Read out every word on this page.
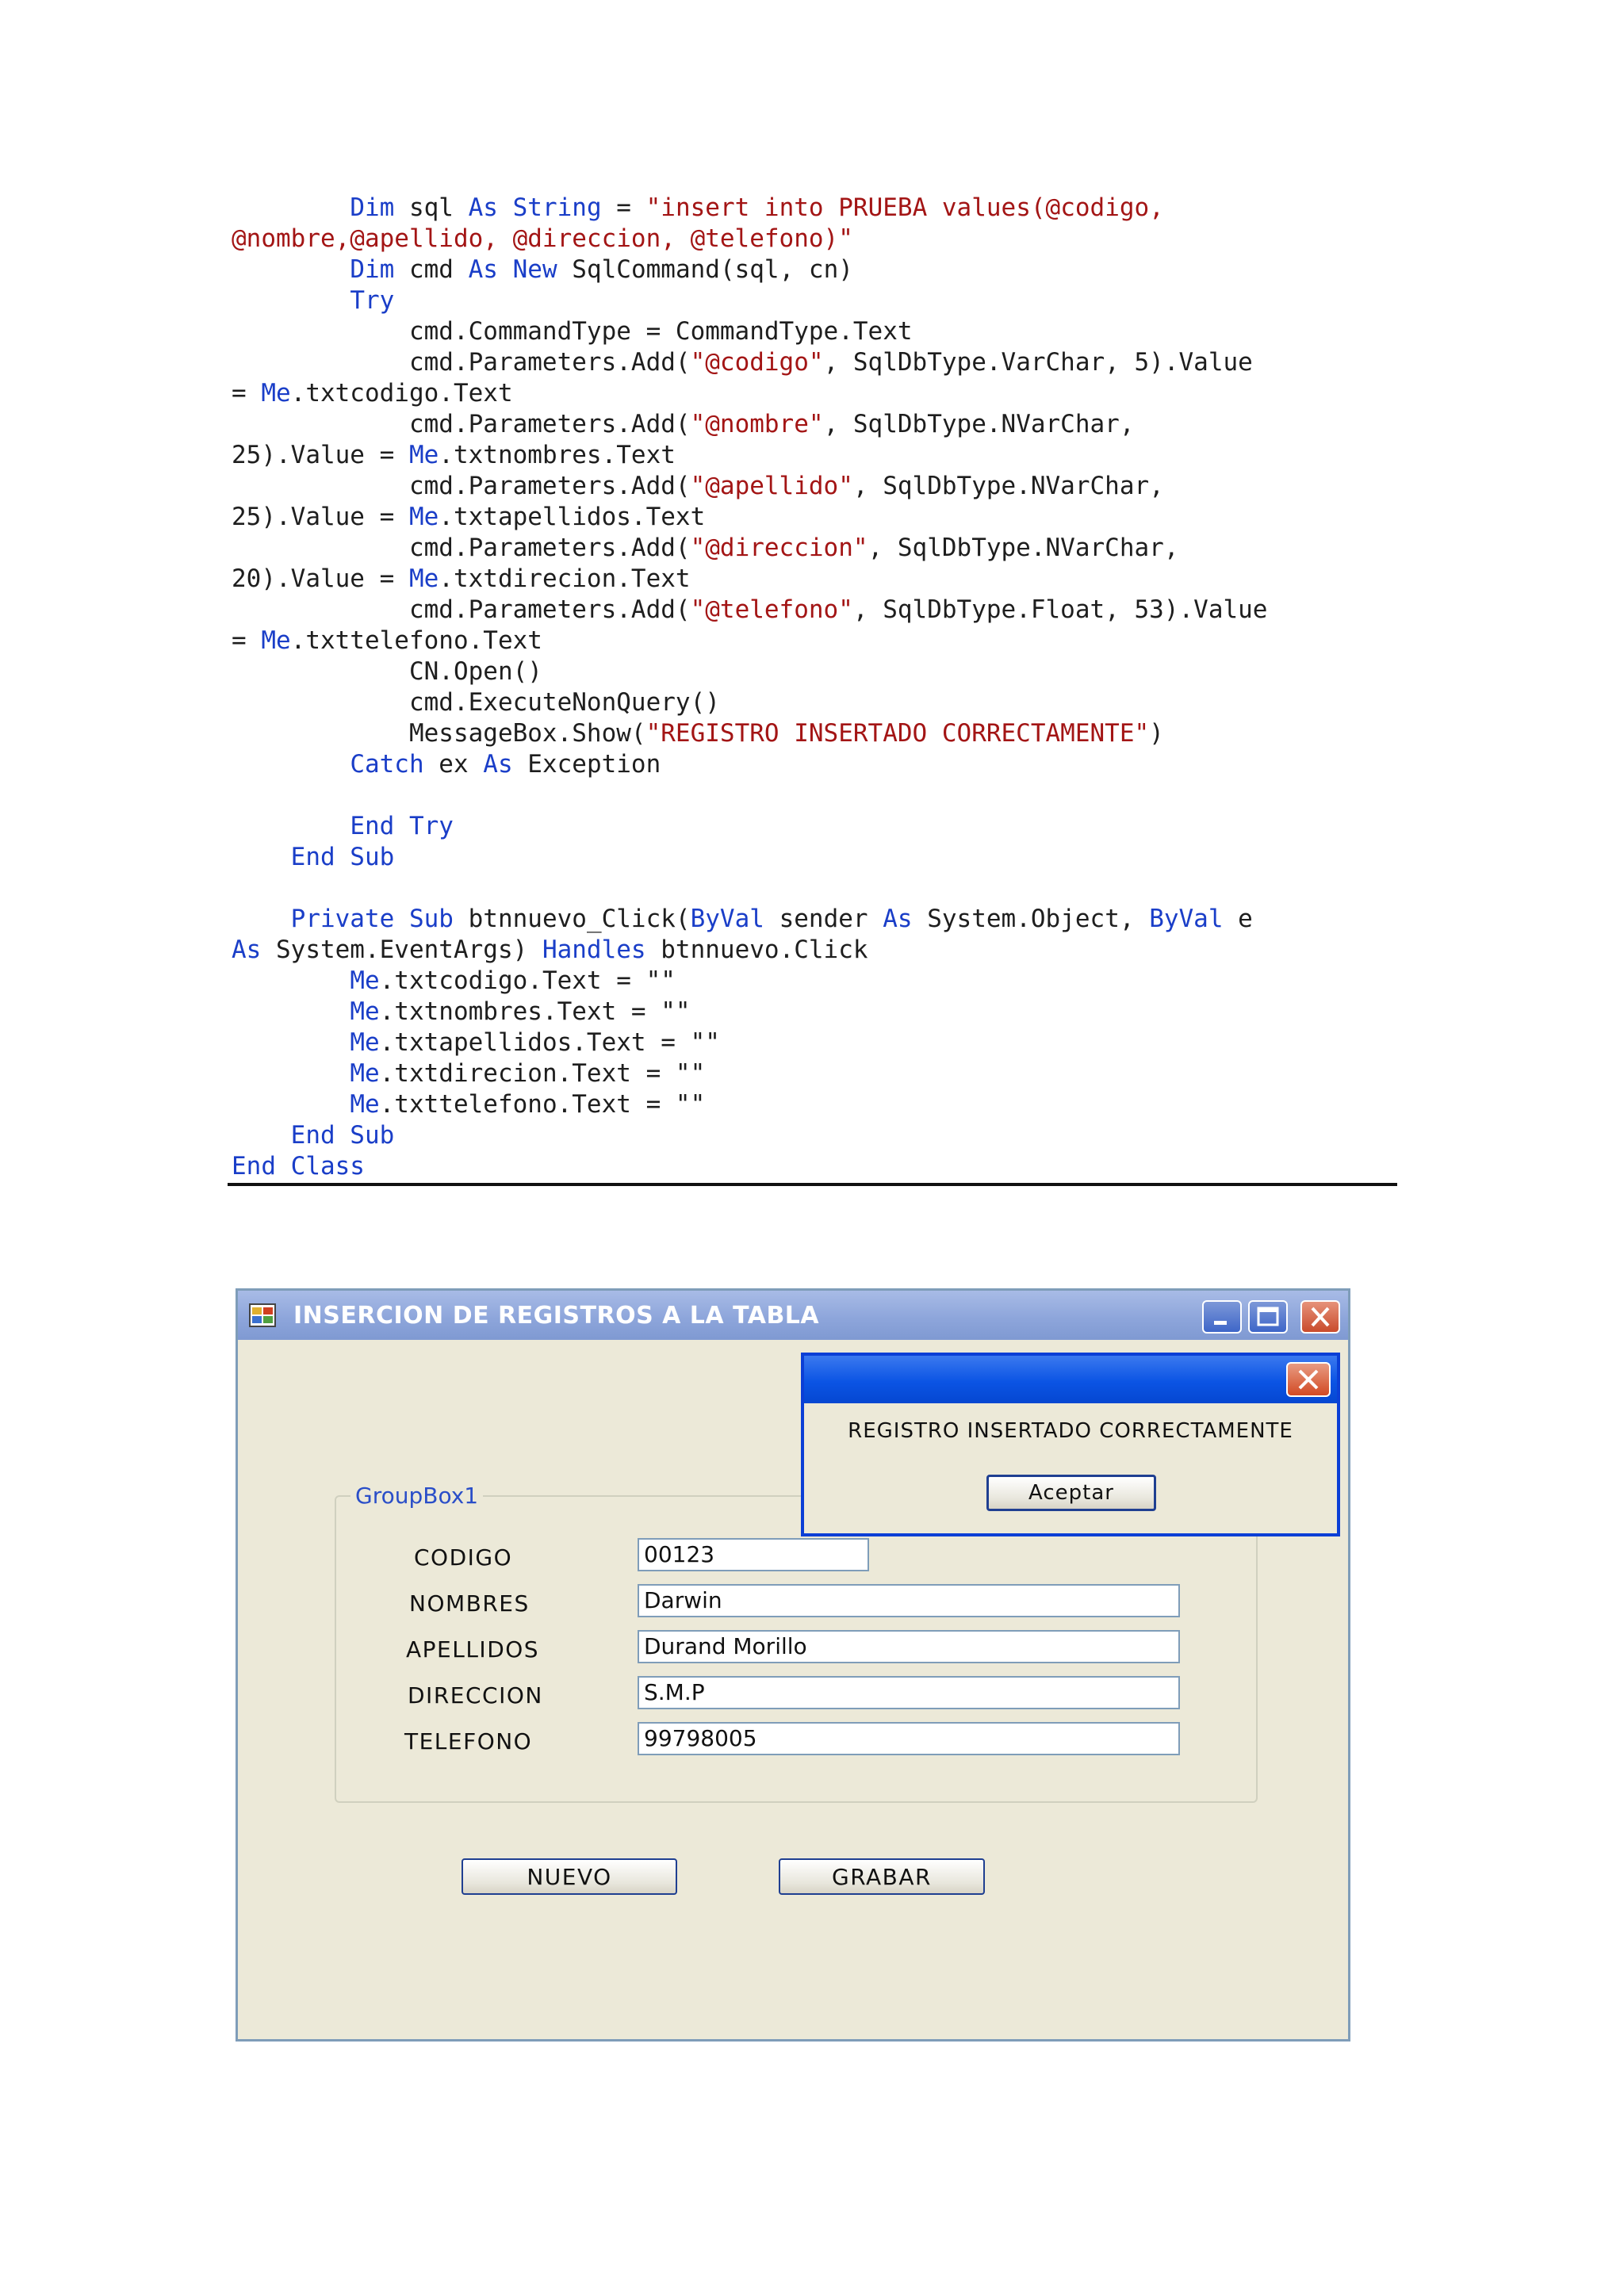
Dim sql As String = "insert into PRUEBA values(@codigo,
@nombre,@apellido, @direccion, @telefono)"
Dim cmd As New SqlCommand(sql, cn)
Try
cmd.CommandType = CommandType.Text
cmd.Parameters.Add("@codigo", SqlDbType.VarChar, 5).Value
= Me.txtcodigo.Text
cmd.Parameters.Add("@nombre", SqlDbType.NVarChar,
25).Value = Me.txtnombres.Text
cmd.Parameters.Add("@apellido", SqlDbType.NVarChar,
25).Value = Me.txtapellidos.Text
cmd.Parameters.Add("@direccion", SqlDbType.NVarChar,
20).Value = Me.txtdirecion.Text
cmd.Parameters.Add("@telefono", SqlDbType.Float, 53).Value
= Me.txttelefono.Text
CN.Open()
cmd.ExecuteNonQuery()
MessageBox.Show("REGISTRO INSERTADO CORRECTAMENTE")
Catch ex As Exception
End Try
End Sub
Private Sub btnnuevo_Click(ByVal sender As System.Object, ByVal e
As System.EventArgs) Handles btnnuevo.Click
Me.txtcodigo.Text = ""
Me.txtnombres.Text = ""
Me.txtapellidos.Text = ""
Me.txtdirecion.Text = ""
Me.txttelefono.Text = ""
End Sub
End Class
INSERCION DE REGISTROS A LA TABLA
GroupBox1
CODIGO	00123
NOMBRES	Darwin
APELLIDOS	Durand Morillo
DIRECCION	S.M.P
TELEFONO	99798005
NUEVO	GRABAR
REGISTRO INSERTADO CORRECTAMENTE
Aceptar
